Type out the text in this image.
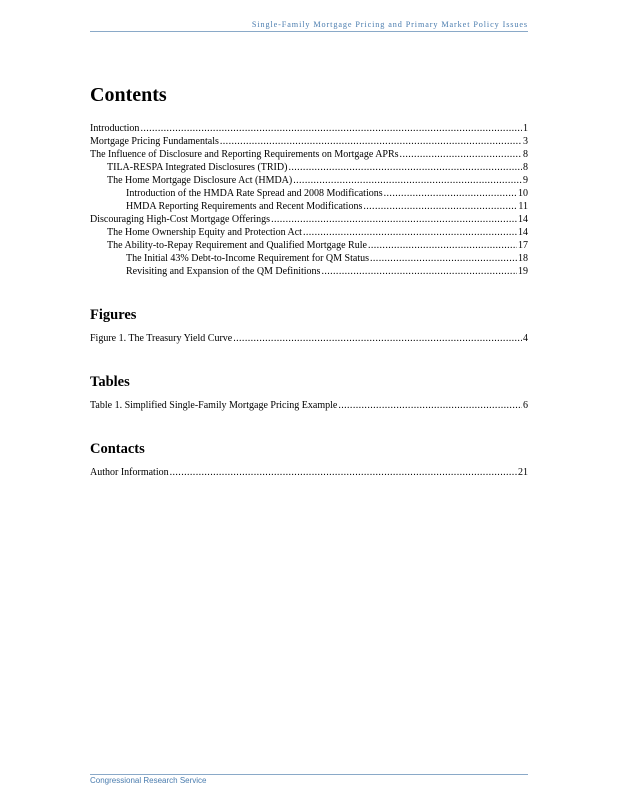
Single-Family Mortgage Pricing and Primary Market Policy Issues
Contents
Introduction .....	1
Mortgage Pricing Fundamentals .....	3
The Influence of Disclosure and Reporting Requirements on Mortgage APRs .....	8
TILA-RESPA Integrated Disclosures (TRID) .....	8
The Home Mortgage Disclosure Act (HMDA) .....	9
Introduction of the HMDA Rate Spread and 2008 Modifications .....	10
HMDA Reporting Requirements and Recent Modifications .....	11
Discouraging High-Cost Mortgage Offerings .....	14
The Home Ownership Equity and Protection Act .....	14
The Ability-to-Repay Requirement and Qualified Mortgage Rule .....	17
The Initial 43% Debt-to-Income Requirement for QM Status .....	18
Revisiting and Expansion of the QM Definitions .....	19
Figures
Figure 1. The Treasury Yield Curve .....	4
Tables
Table 1. Simplified Single-Family Mortgage Pricing Example .....	6
Contacts
Author Information .....	21
Congressional Research Service
